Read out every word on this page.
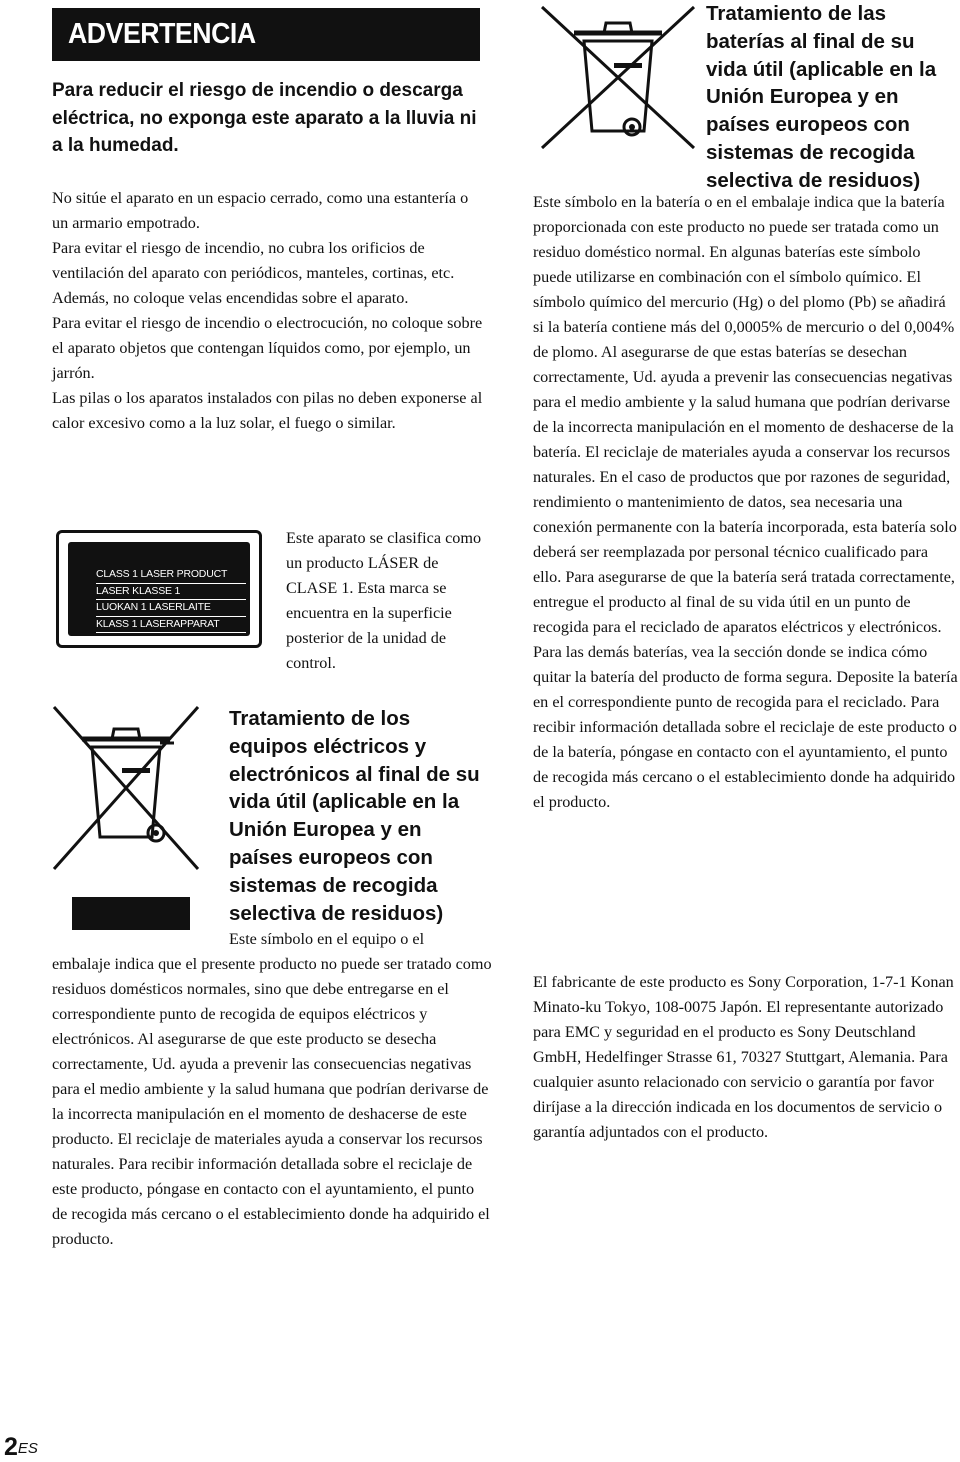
ADVERTENCIA

Para reducir el riesgo de incendio o descarga eléctrica, no exponga este aparato a la lluvia ni a la humedad.

No sitúe el aparato en un espacio cerrado, como una estantería o un armario empotrado.

Para evitar el riesgo de incendio, no cubra los orificios de ventilación del aparato con periódicos, manteles, cortinas, etc. Además, no coloque velas encendidas sobre el aparato.

Para evitar el riesgo de incendio o electrocución, no coloque sobre el aparato objetos que contengan líquidos como, por ejemplo, un jarrón.

Las pilas o los aparatos instalados con pilas no deben exponerse al calor excesivo como a la luz solar, el fuego o similar.

CLASS 1 LASER PRODUCT
LASER KLASSE 1
LUOKAN 1 LASERLAITE
KLASS 1 LASERAPPARAT

Este aparato se clasifica como un producto LÁSER de CLASE 1. Esta marca se encuentra en la superficie posterior de la unidad de control.

Tratamiento de los equipos eléctricos y electrónicos al final de su vida útil (aplicable en la Unión Europea y en países europeos con sistemas de recogida selectiva de residuos)

Este símbolo en el equipo o el

embalaje indica que el presente producto no puede ser tratado como residuos domésticos normales, sino que debe entregarse en el correspondiente punto de recogida de equipos eléctricos y electrónicos. Al asegurarse de que este producto se desecha correctamente, Ud. ayuda a prevenir las consecuencias negativas para el medio ambiente y la salud humana que podrían derivarse de la incorrecta manipulación en el momento de deshacerse de este producto. El reciclaje de materiales ayuda a conservar los recursos naturales. Para recibir información detallada sobre el reciclaje de este producto, póngase en contacto con el ayuntamiento, el punto de recogida más cercano o el establecimiento donde ha adquirido el producto.

Tratamiento de las baterías al final de su vida útil (aplicable en la Unión Europea y en países europeos con sistemas de recogida selectiva de residuos)

Este símbolo en la batería o en el embalaje indica que la batería proporcionada con este producto no puede ser tratada como un residuo doméstico normal. En algunas baterías este símbolo puede utilizarse en combinación con el símbolo químico. El símbolo químico del mercurio (Hg) o del plomo (Pb) se añadirá si la batería contiene más del 0,0005% de mercurio o del 0,004% de plomo. Al asegurarse de que estas baterías se desechan correctamente, Ud. ayuda a prevenir las consecuencias negativas para el medio ambiente y la salud humana que podrían derivarse de la incorrecta manipulación en el momento de deshacerse de la batería. El reciclaje de materiales ayuda a conservar los recursos naturales. En el caso de productos que por razones de seguridad, rendimiento o mantenimiento de datos, sea necesaria una conexión permanente con la batería incorporada, esta batería solo deberá ser reemplazada por personal técnico cualificado para ello. Para asegurarse de que la batería será tratada correctamente, entregue el producto al final de su vida útil en un punto de recogida para el reciclado de aparatos eléctricos y electrónicos. Para las demás baterías, vea la sección donde se indica cómo quitar la batería del producto de forma segura. Deposite la batería en el correspondiente punto de recogida para el reciclado. Para recibir información detallada sobre el reciclaje de este producto o de la batería, póngase en contacto con el ayuntamiento, el punto de recogida más cercano o el establecimiento donde ha adquirido el producto.

El fabricante de este producto es Sony Corporation, 1-7-1 Konan Minato-ku Tokyo, 108-0075 Japón. El representante autorizado para EMC y seguridad en el producto es Sony Deutschland GmbH, Hedelfinger Strasse 61, 70327 Stuttgart, Alemania. Para cualquier asunto relacionado con servicio o garantía por favor diríjase a la dirección indicada en los documentos de servicio o garantía adjuntados con el producto.

$2^{ES}$
